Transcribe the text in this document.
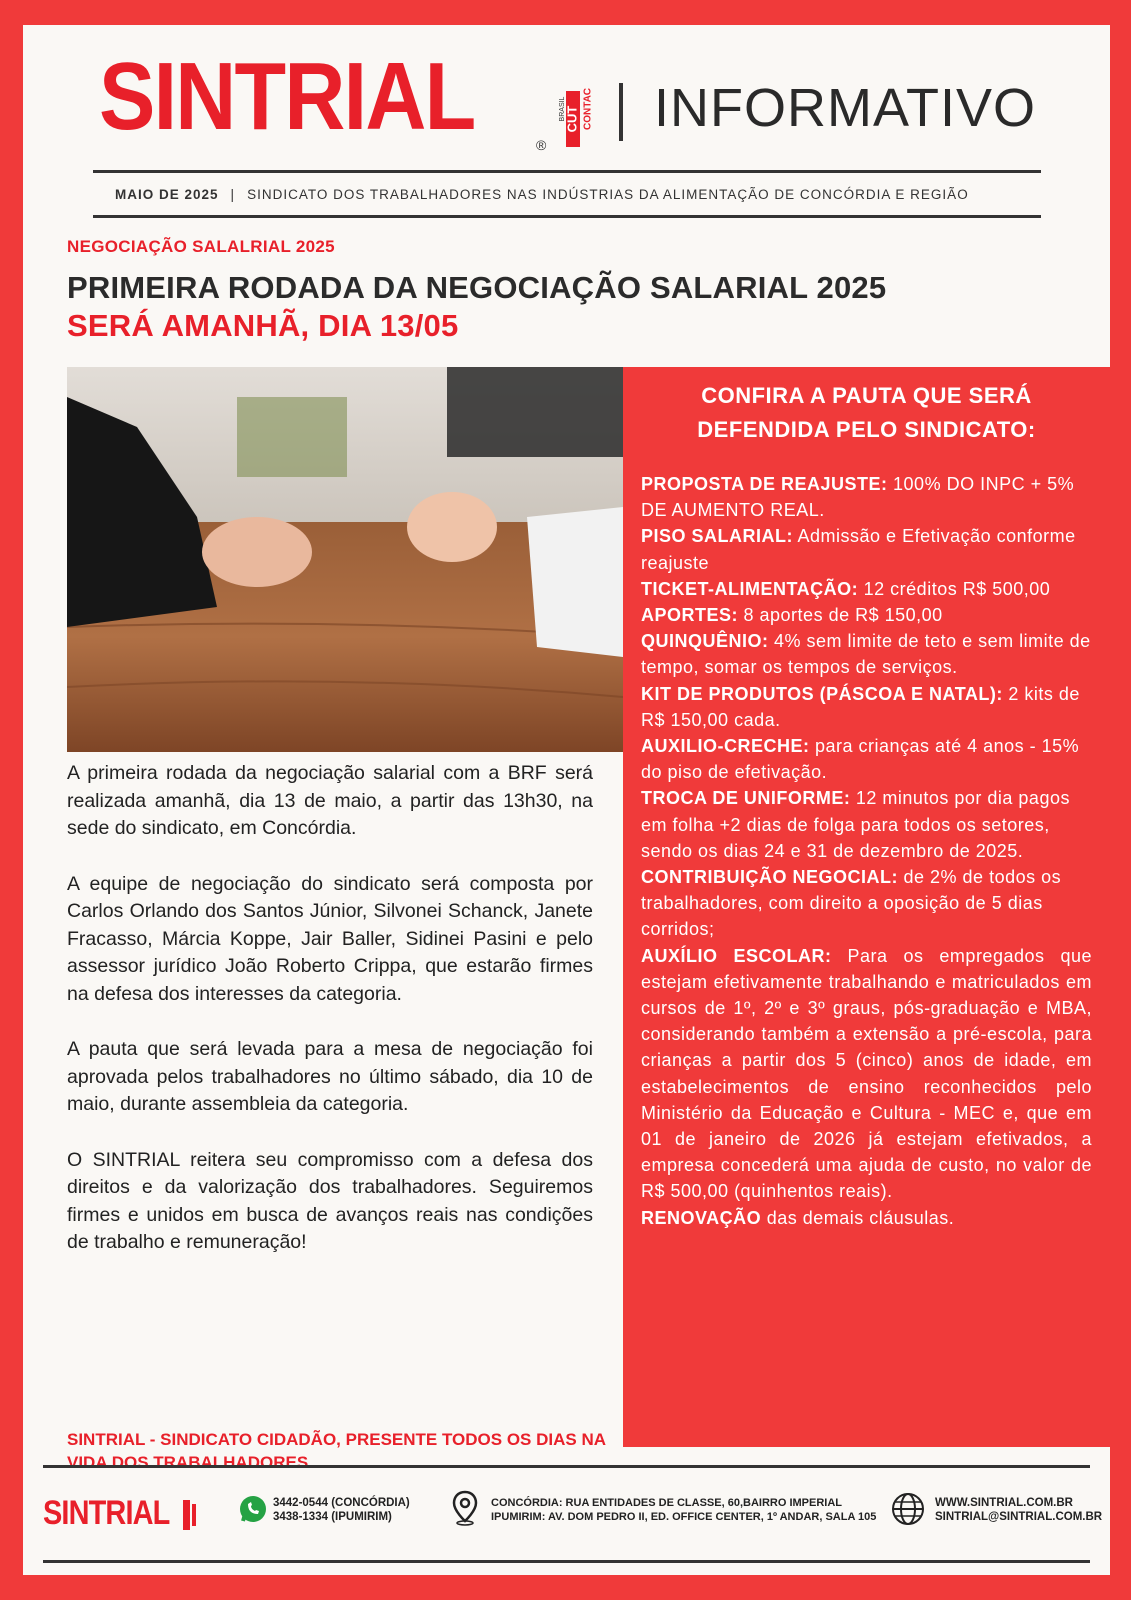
SINTRIAL	®
BRASIL
CUT CONTAC INFORMATIVO
MAIO DE 2025 | SINDICATO DOS TRABALHADORES NAS INDÚSTRIAS DA ALIMENTAÇÃO DE CONCÓRDIA E REGIÃO
NEGOCIAÇÃO SALALRIAL 2025
PRIMEIRA RODADA DA NEGOCIAÇÃO SALARIAL 2025
SERÁ AMANHÃ, DIA 13/05

A primeira rodada da negociação salarial com a BRF será realizada amanhã, dia 13 de maio, a partir das 13h30, na sede do sindicato, em Concórdia.

A equipe de negociação do sindicato será composta por Carlos Orlando dos Santos Júnior, Silvonei Schanck, Janete Fracasso, Márcia Koppe, Jair Baller, Sidinei Pasini e pelo assessor jurídico João Roberto Crippa, que estarão firmes na defesa dos interesses da categoria.

A pauta que será levada para a mesa de negociação foi aprovada pelos trabalhadores no último sábado, dia 10 de maio, durante assembleia da categoria.

O SINTRIAL reitera seu compromisso com a defesa dos direitos e da valorização dos trabalhadores. Seguiremos firmes e unidos em busca de avanços reais nas condições de trabalho e remuneração!

SINTRIAL - SINDICATO CIDADÃO, PRESENTE TODOS OS DIAS NA VIDA DOS TRABALHADORES.
CONFIRA A PAUTA QUE SERÁ
DEFENDIDA PELO SINDICATO:

PROPOSTA DE REAJUSTE: 100% DO INPC + 5% DE AUMENTO REAL.

PISO SALARIAL: Admissão e Efetivação conforme reajuste

TICKET-ALIMENTAÇÃO: 12 créditos R$ 500,00

APORTES: 8 aportes de R$ 150,00

QUINQUÊNIO: 4% sem limite de teto e sem limite de tempo, somar os tempos de serviços.

KIT DE PRODUTOS (PÁSCOA E NATAL): 2 kits de R$ 150,00 cada.

AUXILIO-CRECHE: para crianças até 4 anos - 15% do piso de efetivação.

TROCA DE UNIFORME: 12 minutos por dia pagos em folha +2 dias de folga para todos os setores, sendo os dias 24 e 31 de dezembro de 2025.

CONTRIBUIÇÃO NEGOCIAL: de 2% de todos os trabalhadores, com direito a oposição de 5 dias corridos;

AUXÍLIO ESCOLAR: Para os empregados que estejam efetivamente trabalhando e matriculados em cursos de 1º, 2º e 3º graus, pós-graduação e MBA, considerando também a extensão a pré-escola, para crianças a partir dos 5 (cinco) anos de idade, em estabelecimentos de ensino reconhecidos pelo Ministério da Educação e Cultura - MEC e, que em 01 de janeiro de 2026 já estejam efetivados, a empresa concederá uma ajuda de custo, no valor de R$ 500,00 (quinhentos reais).

RENOVAÇÃO das demais cláusulas.

SINTRIAL	3442-0544 (CONCÓRDIA)
3438-1334 (IPUMIRIM)
CONCÓRDIA: RUA ENTIDADES DE CLASSE, 60,BAIRRO IMPERIAL
IPUMIRIM: AV. DOM PEDRO II, ED. OFFICE CENTER, 1º ANDAR, SALA 105
WWW.SINTRIAL.COM.BR
SINTRIAL@SINTRIAL.COM.BR
